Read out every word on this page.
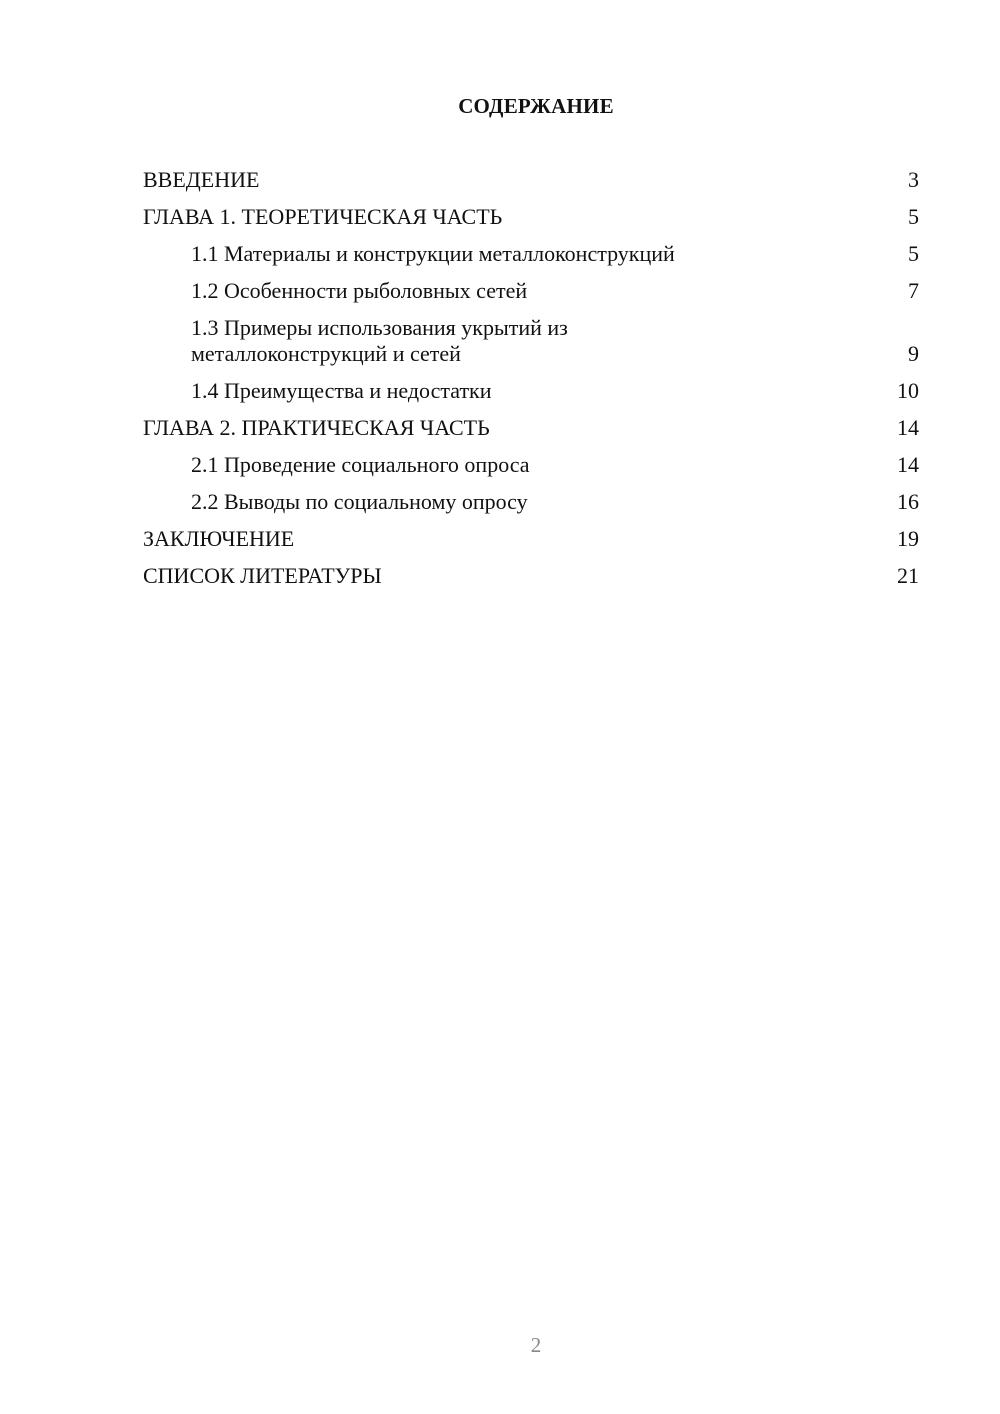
СОДЕРЖАНИЕ
ВВЕДЕНИЕ	3
ГЛАВА 1. ТЕОРЕТИЧЕСКАЯ ЧАСТЬ	5
1.1 Материалы и конструкции металлоконструкций	5
1.2 Особенности рыболовных сетей	7
1.3 Примеры использования укрытий из
металлоконструкций и сетей	9
1.4 Преимущества и недостатки	10
ГЛАВА 2. ПРАКТИЧЕСКАЯ ЧАСТЬ	14
2.1 Проведение социального опроса	14
2.2 Выводы по социальному опросу	16
ЗАКЛЮЧЕНИЕ	19
СПИСОК ЛИТЕРАТУРЫ	21
2
